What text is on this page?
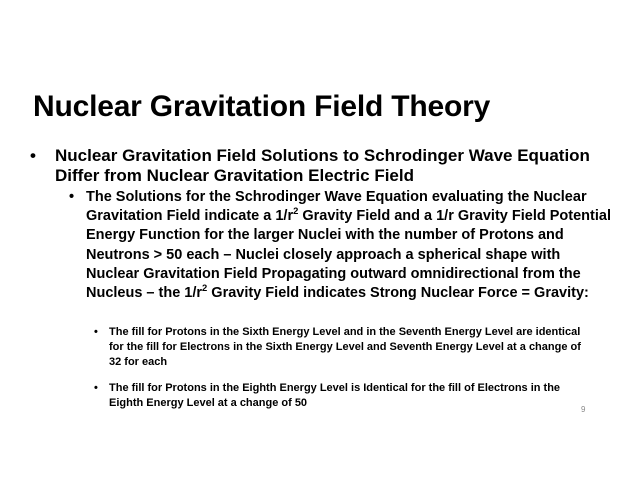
Nuclear Gravitation Field Theory
•	Nuclear Gravitation Field Solutions to Schrodinger Wave Equation Differ from Nuclear Gravitation Electric Field
• The Solutions for the Schrodinger Wave Equation evaluating the Nuclear Gravitation Field indicate a $1/r^2$ Gravity Field and a 1/r Gravity Field Potential Energy Function for the larger Nuclei with the number of Protons and Neutrons > 50 each – Nuclei closely approach a spherical shape with Nuclear Gravitation Field Propagating outward omnidirectional from the Nucleus – the $1/r^2$ Gravity Field indicates Strong Nuclear Force = Gravity:
•	The fill for Protons in the Sixth Energy Level and in the Seventh Energy Level are identical for the fill for Electrons in the Sixth Energy Level and Seventh Energy Level at a change of 32 for each
•	The fill for Protons in the Eighth Energy Level is Identical for the fill of Electrons in the Eighth Energy Level at a change of 50
9
